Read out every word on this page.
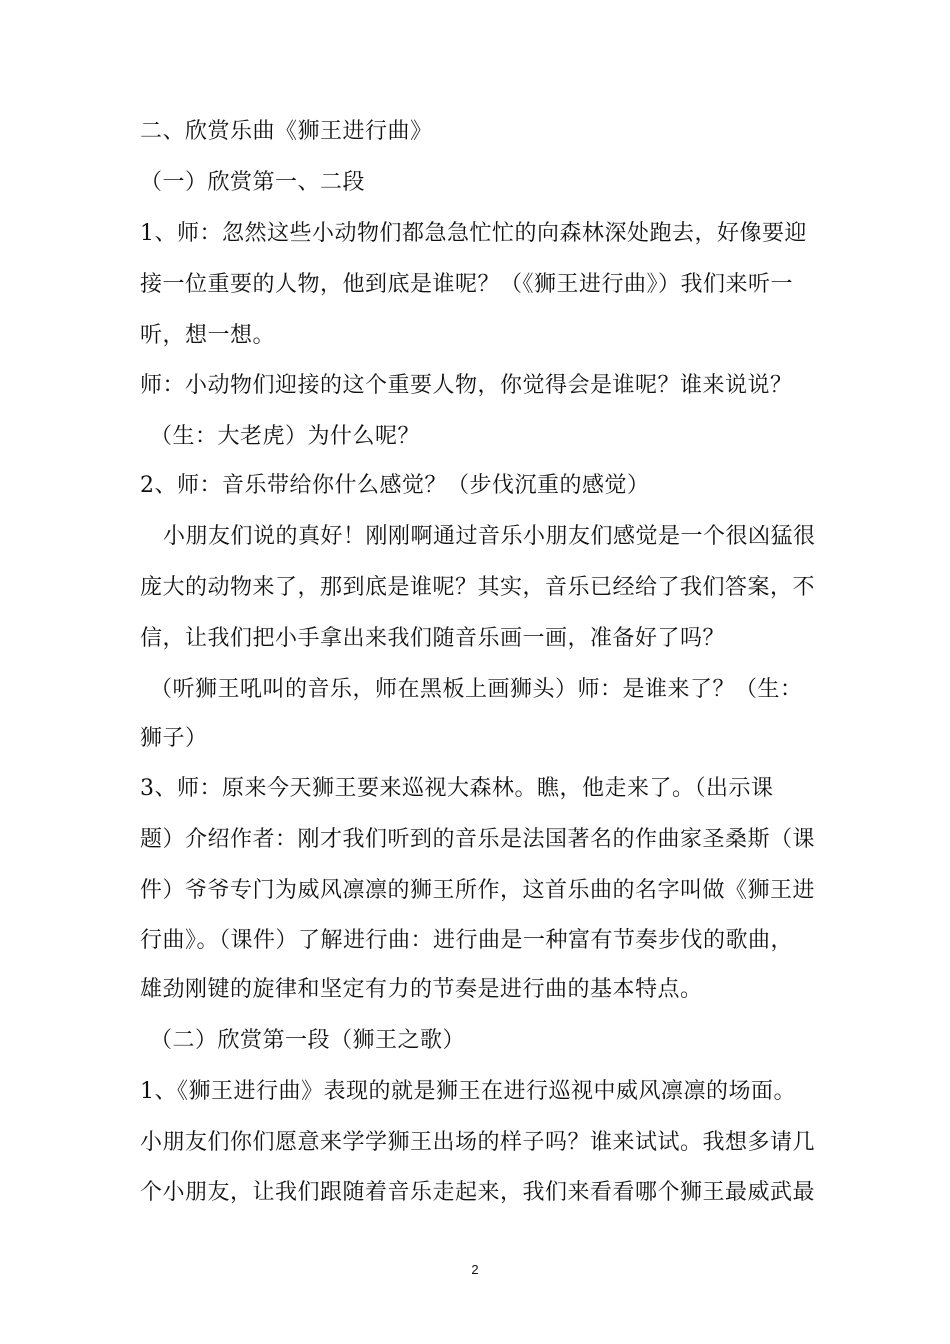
二、欣赏乐曲《狮王进行曲》
（一）欣赏第一、二段
1、师：忽然这些小动物们都急急忙忙的向森林深处跑去，好像要迎
接一位重要的人物，他到底是谁呢？（《狮王进行曲》）我们来听一
听，想一想。
师：小动物们迎接的这个重要人物，你觉得会是谁呢？谁来说说？
（生：大老虎）为什么呢？
2、师：音乐带给你什么感觉？（步伐沉重的感觉）
小朋友们说的真好！刚刚啊通过音乐小朋友们感觉是一个很凶猛很
庞大的动物来了，那到底是谁呢？其实，音乐已经给了我们答案，不
信，让我们把小手拿出来我们随音乐画一画，准备好了吗？
（听狮王吼叫的音乐，师在黑板上画狮头）师：是谁来了？（生：
狮子）
3、师：原来今天狮王要来巡视大森林。瞧，他走来了。（出示课
题）介绍作者：刚才我们听到的音乐是法国著名的作曲家圣桑斯（课
件）爷爷专门为威风凛凛的狮王所作，这首乐曲的名字叫做《狮王进
行曲》。（课件）了解进行曲：进行曲是一种富有节奏步伐的歌曲，
雄劲刚键的旋律和坚定有力的节奏是进行曲的基本特点。
（二）欣赏第一段（狮王之歌）
1、《狮王进行曲》表现的就是狮王在进行巡视中威风凛凛的场面。
小朋友们你们愿意来学学狮王出场的样子吗？谁来试试。我想多请几
个小朋友，让我们跟随着音乐走起来，我们来看看哪个狮王最威武最
2
